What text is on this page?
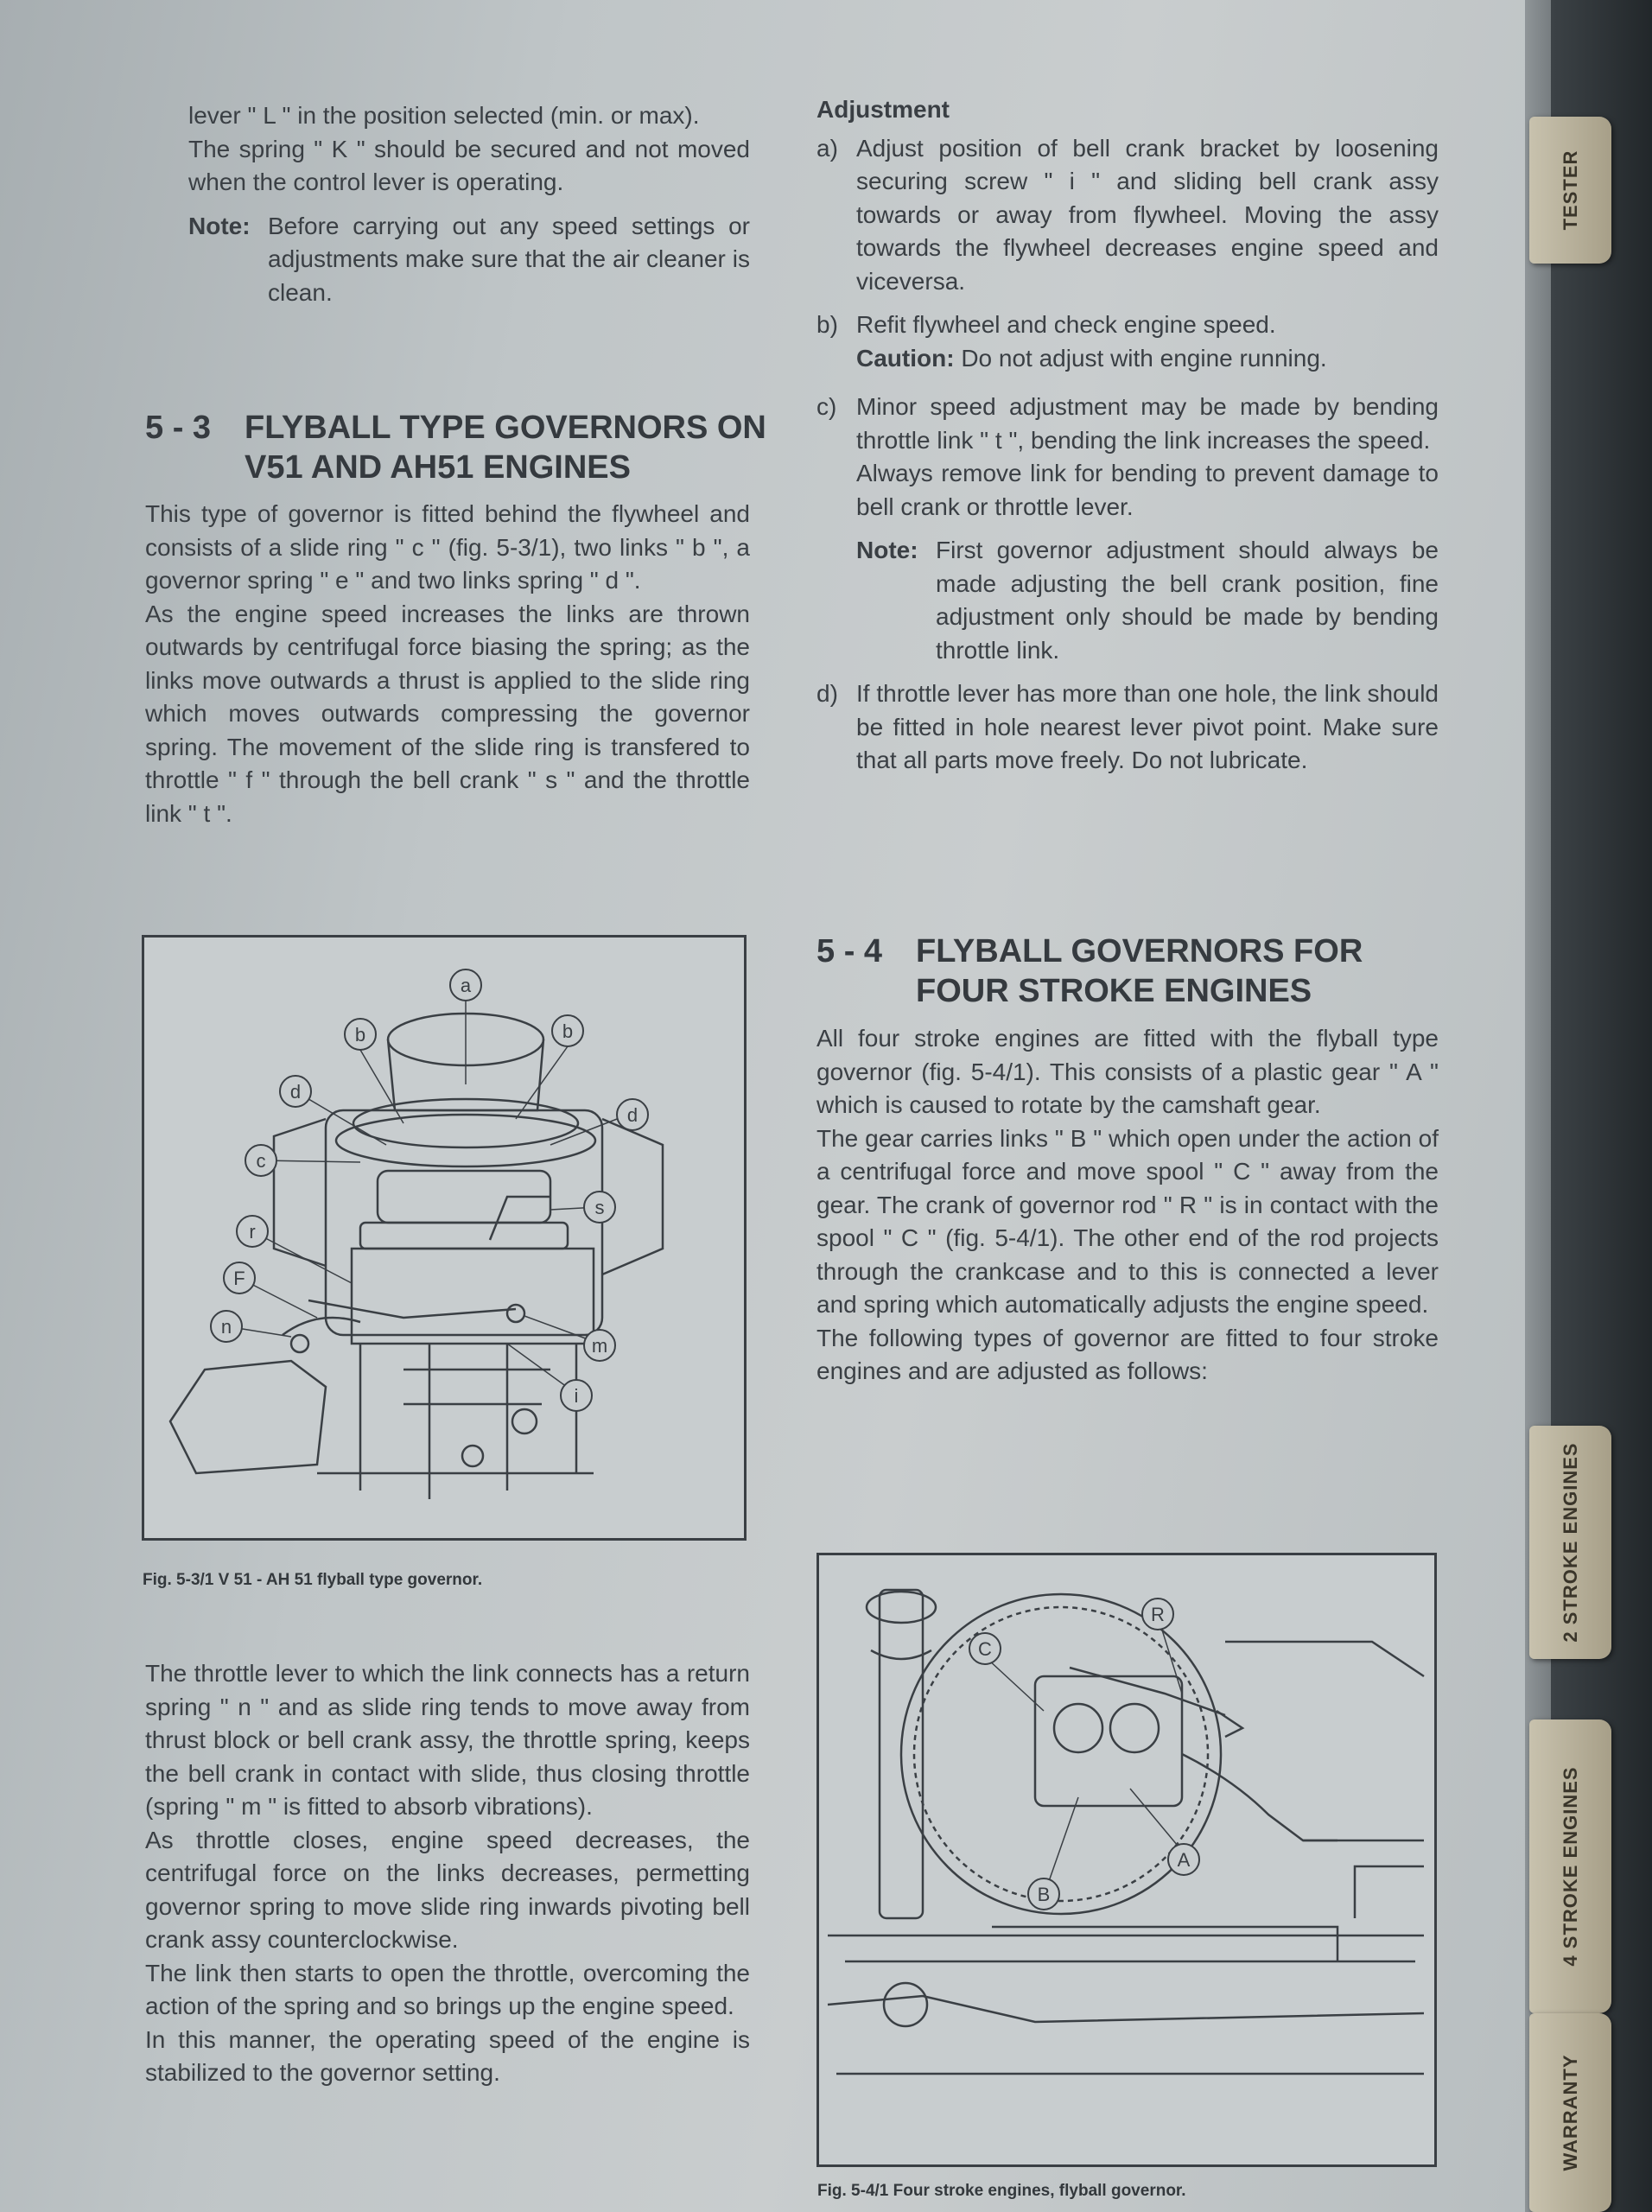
lever " L " in the position selected (min. or max).

The spring " K " should be secured and not moved when the control lever is operating.

Note: Before carrying out any speed settings or adjustments make sure that the air cleaner is clean.
5 - 3 FLYBALL TYPE GOVERNORS ON
V51 AND AH51 ENGINES

This type of governor is fitted behind the flywheel and consists of a slide ring " c " (fig. 5-3/1), two links " b ", a governor spring " e " and two links spring " d ".

As the engine speed increases the links are thrown outwards by centrifugal force biasing the spring; as the links move outwards a thrust is applied to the slide ring which moves outwards compressing the governor spring. The movement of the slide ring is transfered to throttle " f " through the bell crank " s " and the throttle link " t ".

a
b	b
d
d
c
s
r
F
n
m
i
Fig. 5-3/1 V 51 - AH 51 flyball type governor.

The throttle lever to which the link connects has a return spring " n " and as slide ring tends to move away from thrust block or bell crank assy, the throttle spring, keeps the bell crank in contact with slide, thus closing throttle (spring " m " is fitted to absorb vibrations).

As throttle closes, engine speed decreases, the centrifugal force on the links decreases, permetting governor spring to move slide ring inwards pivoting bell crank assy counterclockwise.

The link then starts to open the throttle, overcoming the action of the spring and so brings up the engine speed.

In this manner, the operating speed of the engine is stabilized to the governor setting.

Adjustment

a) Adjust position of bell crank bracket by loosening securing screw " i " and sliding bell crank assy towards or away from flywheel. Moving the assy towards the flywheel decreases engine speed and viceversa.
b) Refit flywheel and check engine speed.
Caution: Do not adjust with engine running.
c) Minor speed adjustment may be made by bending throttle link " t ", bending the link increases the speed.
Always remove link for bending to prevent damage to bell crank or throttle lever.
Note: First governor adjustment should always be made adjusting the bell crank position, fine adjustment only should be made by bending throttle link.
d) If throttle lever has more than one hole, the link should be fitted in hole nearest lever pivot point. Make sure that all parts move freely. Do not lubricate.
5 - 4 FLYBALL GOVERNORS FOR
FOUR STROKE ENGINES

All four stroke engines are fitted with the flyball type governor (fig. 5-4/1). This consists of a plastic gear " A " which is caused to rotate by the camshaft gear.

The gear carries links " B " which open under the action of a centrifugal force and move spool " C " away from the gear. The crank of governor rod " R " is in contact with the spool " C " (fig. 5-4/1). The other end of the rod projects through the crankcase and to this is connected a lever and spring which automatically adjusts the engine speed.

The following types of governor are fitted to four stroke engines and are adjusted as follows:

R
C
A
B
Fig. 5-4/1 Four stroke engines, flyball governor.
TESTER
2 STROKE ENGINES
4 STROKE ENGINES
WARRANTY
